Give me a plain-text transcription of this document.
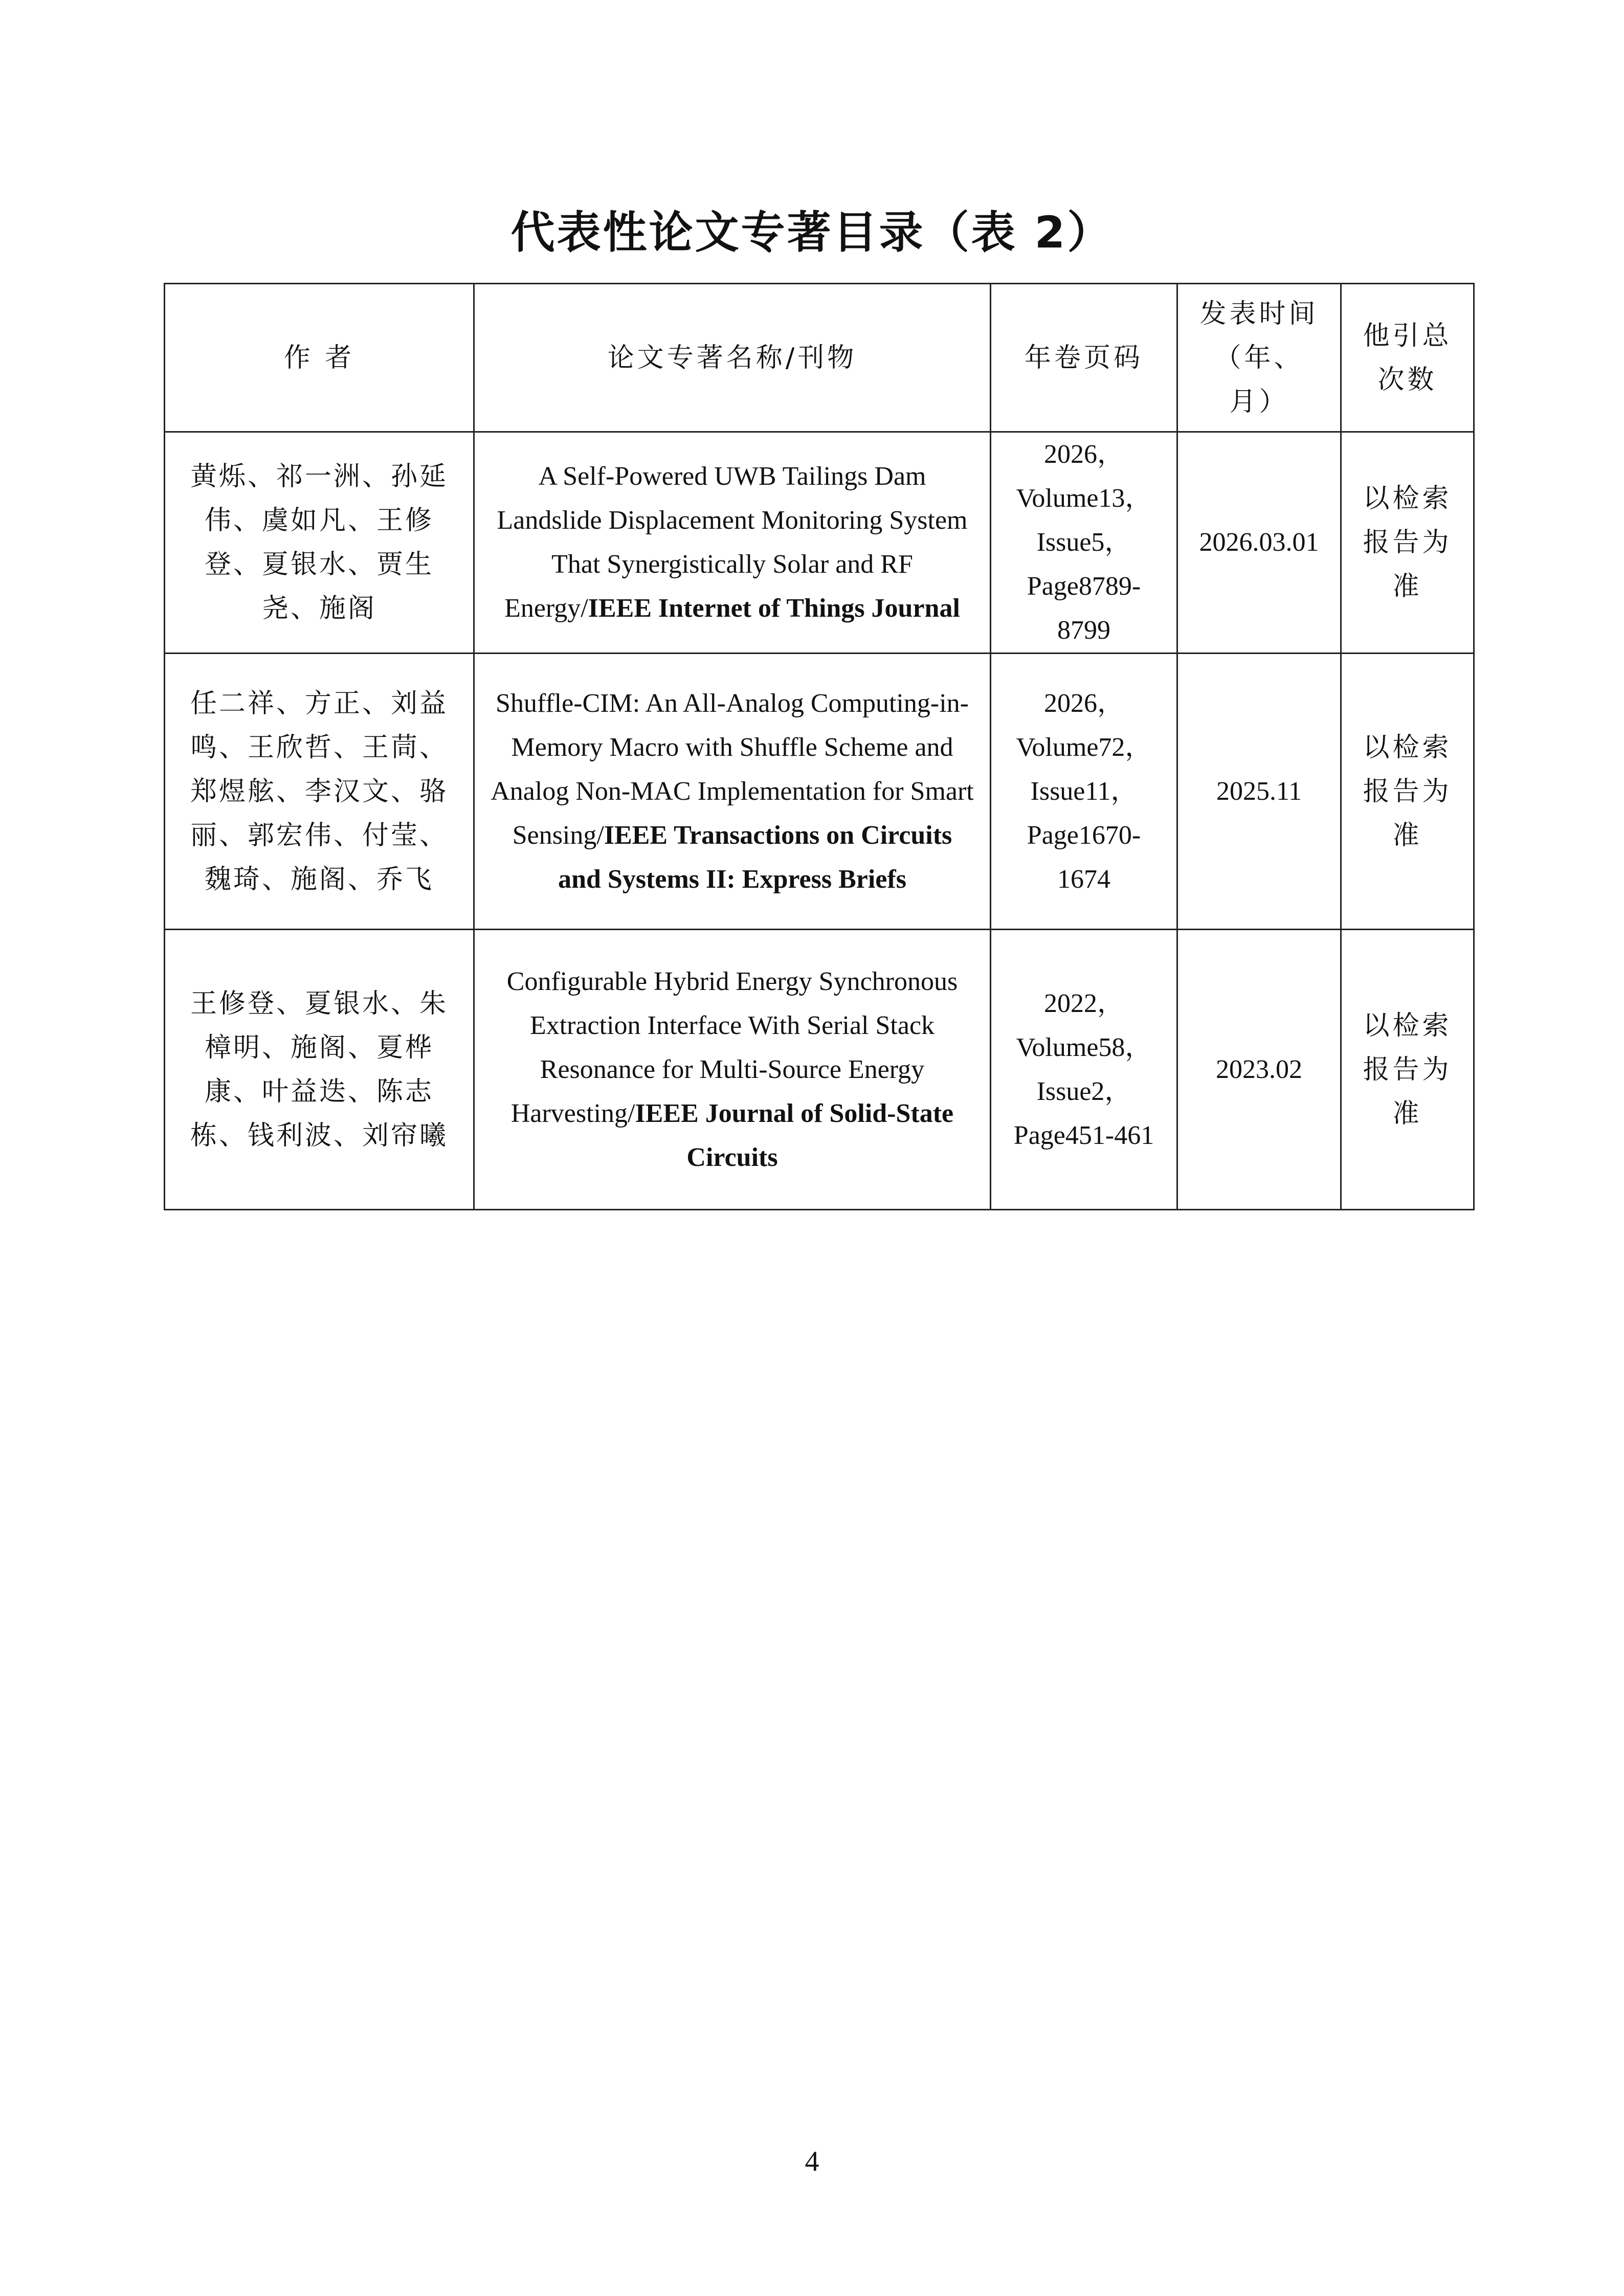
代表性论文专著目录（表 2）
作 者	论文专著名称/刊物	年卷页码	发表时间（年、月）	他引总次数
黄烁、祁一洲、孙延伟、虞如凡、王修登、夏银水、贾生尧、施阁	A Self-Powered UWB Tailings Dam Landslide Displacement Monitoring System That Synergistically Solar and RF Energy/IEEE Internet of Things Journal	2026，Volume13，Issue5，Page8789-8799	2026.03.01	以检索报告为准
任二祥、方正、刘益鸣、王欣哲、王茼、郑煜舷、李汉文、骆丽、郭宏伟、付莹、魏琦、施阁、乔飞	Shuffle-CIM: An All-Analog Computing-in-Memory Macro with Shuffle Scheme and Analog Non-MAC Implementation for Smart Sensing/IEEE Transactions on Circuits and Systems II: Express Briefs	2026，Volume72，Issue11，Page1670-1674	2025.11	以检索报告为准
王修登、夏银水、朱樟明、施阁、夏桦康、叶益迭、陈志栋、钱利波、刘帘曦	Configurable Hybrid Energy Synchronous Extraction Interface With Serial Stack Resonance for Multi-Source Energy Harvesting/IEEE Journal of Solid-State Circuits	2022，Volume58，Issue2，Page451-461	2023.02	以检索报告为准
4
